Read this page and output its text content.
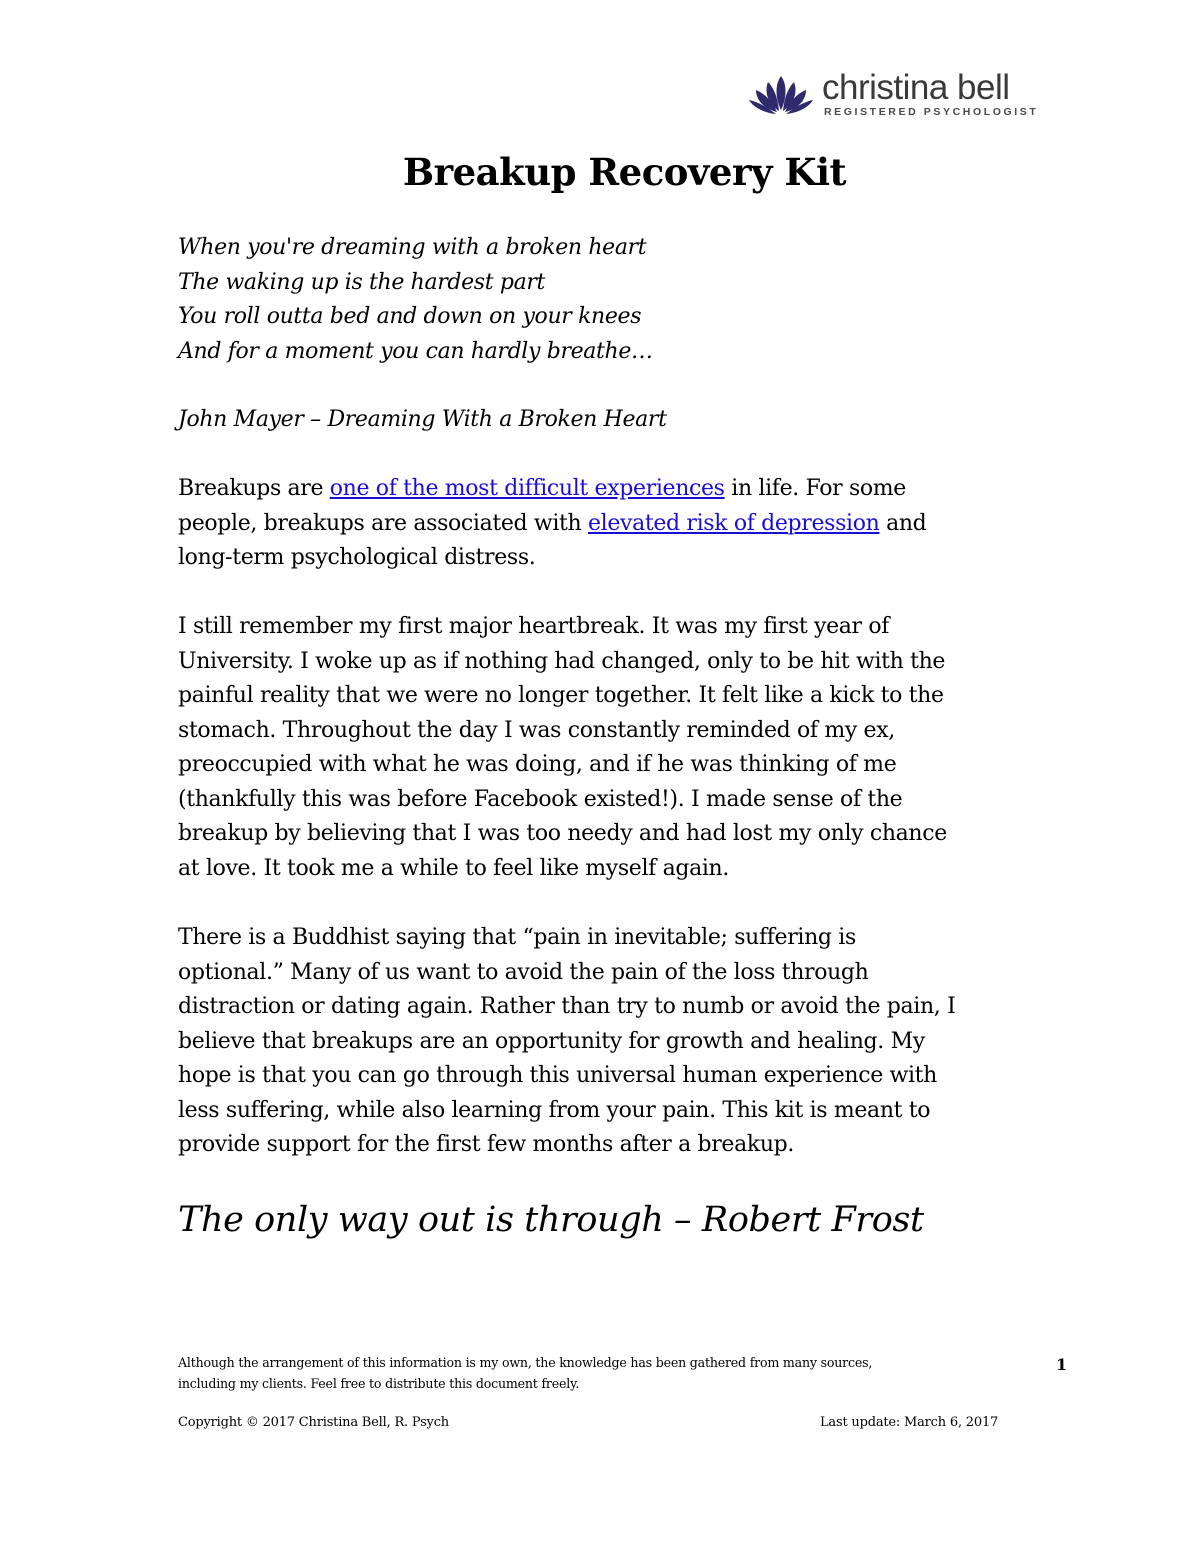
christina bell
REGISTERED PSYCHOLOGIST
Breakup Recovery Kit
When you're dreaming with a broken heart
The waking up is the hardest part
You roll outta bed and down on your knees
And for a moment you can hardly breathe…
John Mayer – Dreaming With a Broken Heart
Breakups are one of the most difficult experiences in life. For some
people, breakups are associated with elevated risk of depression and
long-term psychological distress.
I still remember my first major heartbreak. It was my first year of
University. I woke up as if nothing had changed, only to be hit with the
painful reality that we were no longer together. It felt like a kick to the
stomach. Throughout the day I was constantly reminded of my ex,
preoccupied with what he was doing, and if he was thinking of me
(thankfully this was before Facebook existed!). I made sense of the
breakup by believing that I was too needy and had lost my only chance
at love. It took me a while to feel like myself again.
There is a Buddhist saying that “pain in inevitable; suffering is
optional.” Many of us want to avoid the pain of the loss through
distraction or dating again. Rather than try to numb or avoid the pain, I
believe that breakups are an opportunity for growth and healing. My
hope is that you can go through this universal human experience with
less suffering, while also learning from your pain. This kit is meant to
provide support for the first few months after a breakup.
The only way out is through – Robert Frost
Although the arrangement of this information is my own, the knowledge has been gathered from many sources,
including my clients. Feel free to distribute this document freely.
1
Copyright © 2017 Christina Bell, R. Psych	Last update: March 6, 2017
